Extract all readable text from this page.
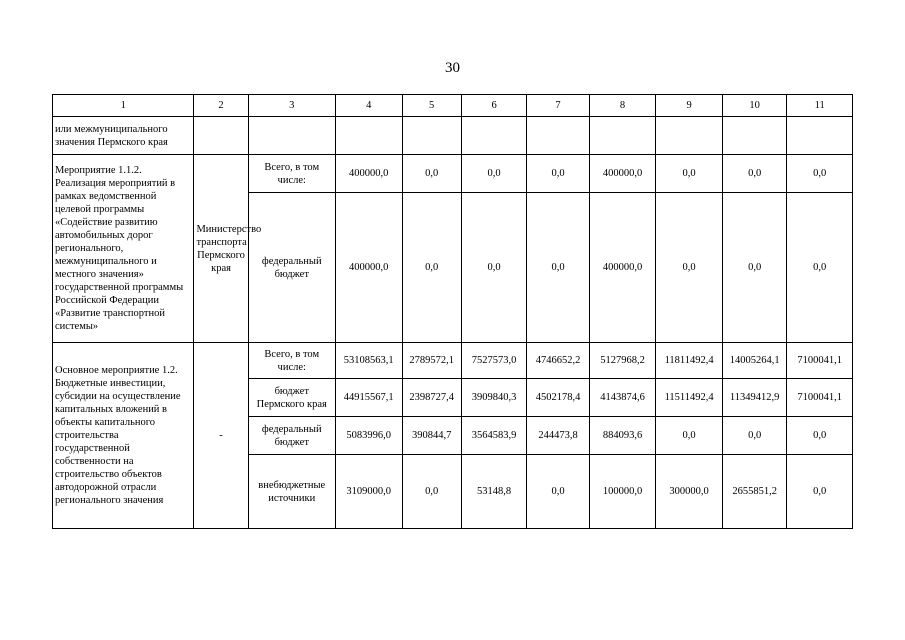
30
1	2	3	4	5	6	7	8	9	10	11
или межмуниципального значения Пермского края										
Мероприятие 1.1.2. Реализация мероприятий в рамках ведомственной целевой программы «Содействие развитию автомобильных дорог регионального, межмуниципального и местного значения» государственной программы Российской Федерации «Развитие транспортной системы»	Министерство транспорта Пермского края	Всего, в том числе:	400000,0	0,0	0,0	0,0	400000,0	0,0	0,0	0,0
		федеральный бюджет	400000,0	0,0	0,0	0,0	400000,0	0,0	0,0	0,0
Основное мероприятие 1.2. Бюджетные инвестиции, субсидии на осуществление капитальных вложений в объекты капитального строительства государственной собственности на строительство объектов автодорожной отрасли регионального значения	-	Всего, в том числе:	53108563,1	2789572,1	7527573,0	4746652,2	5127968,2	11811492,4	14005264,1	7100041,1
		бюджет Пермского края	44915567,1	2398727,4	3909840,3	4502178,4	4143874,6	11511492,4	11349412,9	7100041,1
		федеральный бюджет	5083996,0	390844,7	3564583,9	244473,8	884093,6	0,0	0,0	0,0
		внебюджетные источники	3109000,0	0,0	53148,8	0,0	100000,0	300000,0	2655851,2	0,0
